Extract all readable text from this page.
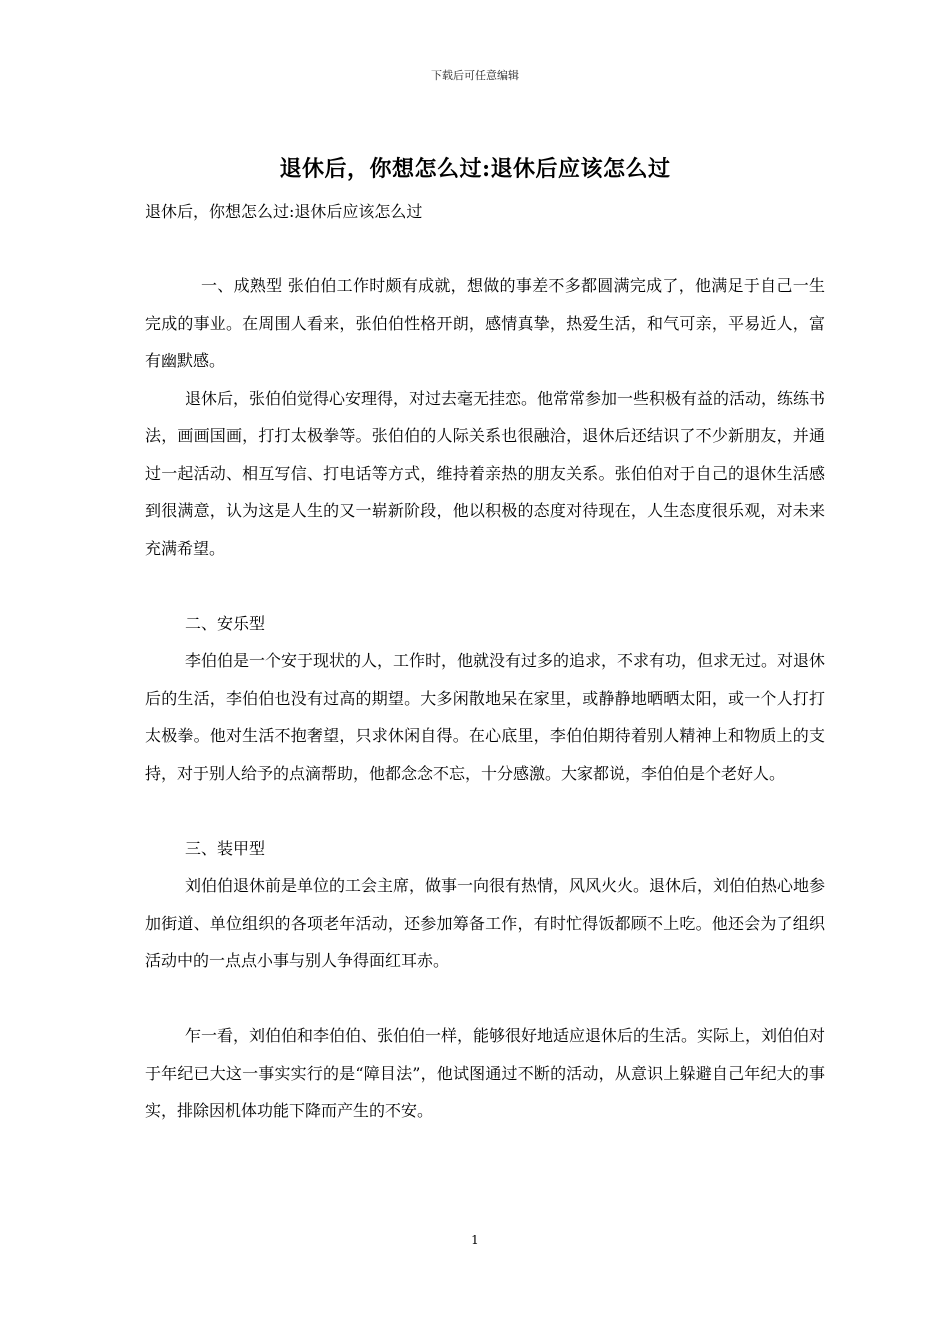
下载后可任意编辑
退休后，你想怎么过:退休后应该怎么过
退休后，你想怎么过:退休后应该怎么过

一、成熟型 张伯伯工作时颇有成就，想做的事差不多都圆满完成了，他满足于自己一生完成的事业。在周围人看来，张伯伯性格开朗，感情真挚，热爱生活，和气可亲，平易近人，富有幽默感。

退休后，张伯伯觉得心安理得，对过去毫无挂恋。他常常参加一些积极有益的活动，练练书法，画画国画，打打太极拳等。张伯伯的人际关系也很融洽，退休后还结识了不少新朋友，并通过一起活动、相互写信、打电话等方式，维持着亲热的朋友关系。张伯伯对于自己的退休生活感到很满意，认为这是人生的又一崭新阶段，他以积极的态度对待现在，人生态度很乐观，对未来充满希望。

二、安乐型

李伯伯是一个安于现状的人，工作时，他就没有过多的追求，不求有功，但求无过。对退休后的生活，李伯伯也没有过高的期望。大多闲散地呆在家里，或静静地晒晒太阳，或一个人打打太极拳。他对生活不抱奢望，只求休闲自得。在心底里，李伯伯期待着别人精神上和物质上的支持，对于别人给予的点滴帮助，他都念念不忘，十分感激。大家都说，李伯伯是个老好人。

三、装甲型

刘伯伯退休前是单位的工会主席，做事一向很有热情，风风火火。退休后，刘伯伯热心地参加街道、单位组织的各项老年活动，还参加筹备工作，有时忙得饭都顾不上吃。他还会为了组织活动中的一点点小事与别人争得面红耳赤。

乍一看，刘伯伯和李伯伯、张伯伯一样，能够很好地适应退休后的生活。实际上，刘伯伯对于年纪已大这一事实实行的是“障目法”，他试图通过不断的活动，从意识上躲避自己年纪大的事实，排除因机体功能下降而产生的不安。

1
